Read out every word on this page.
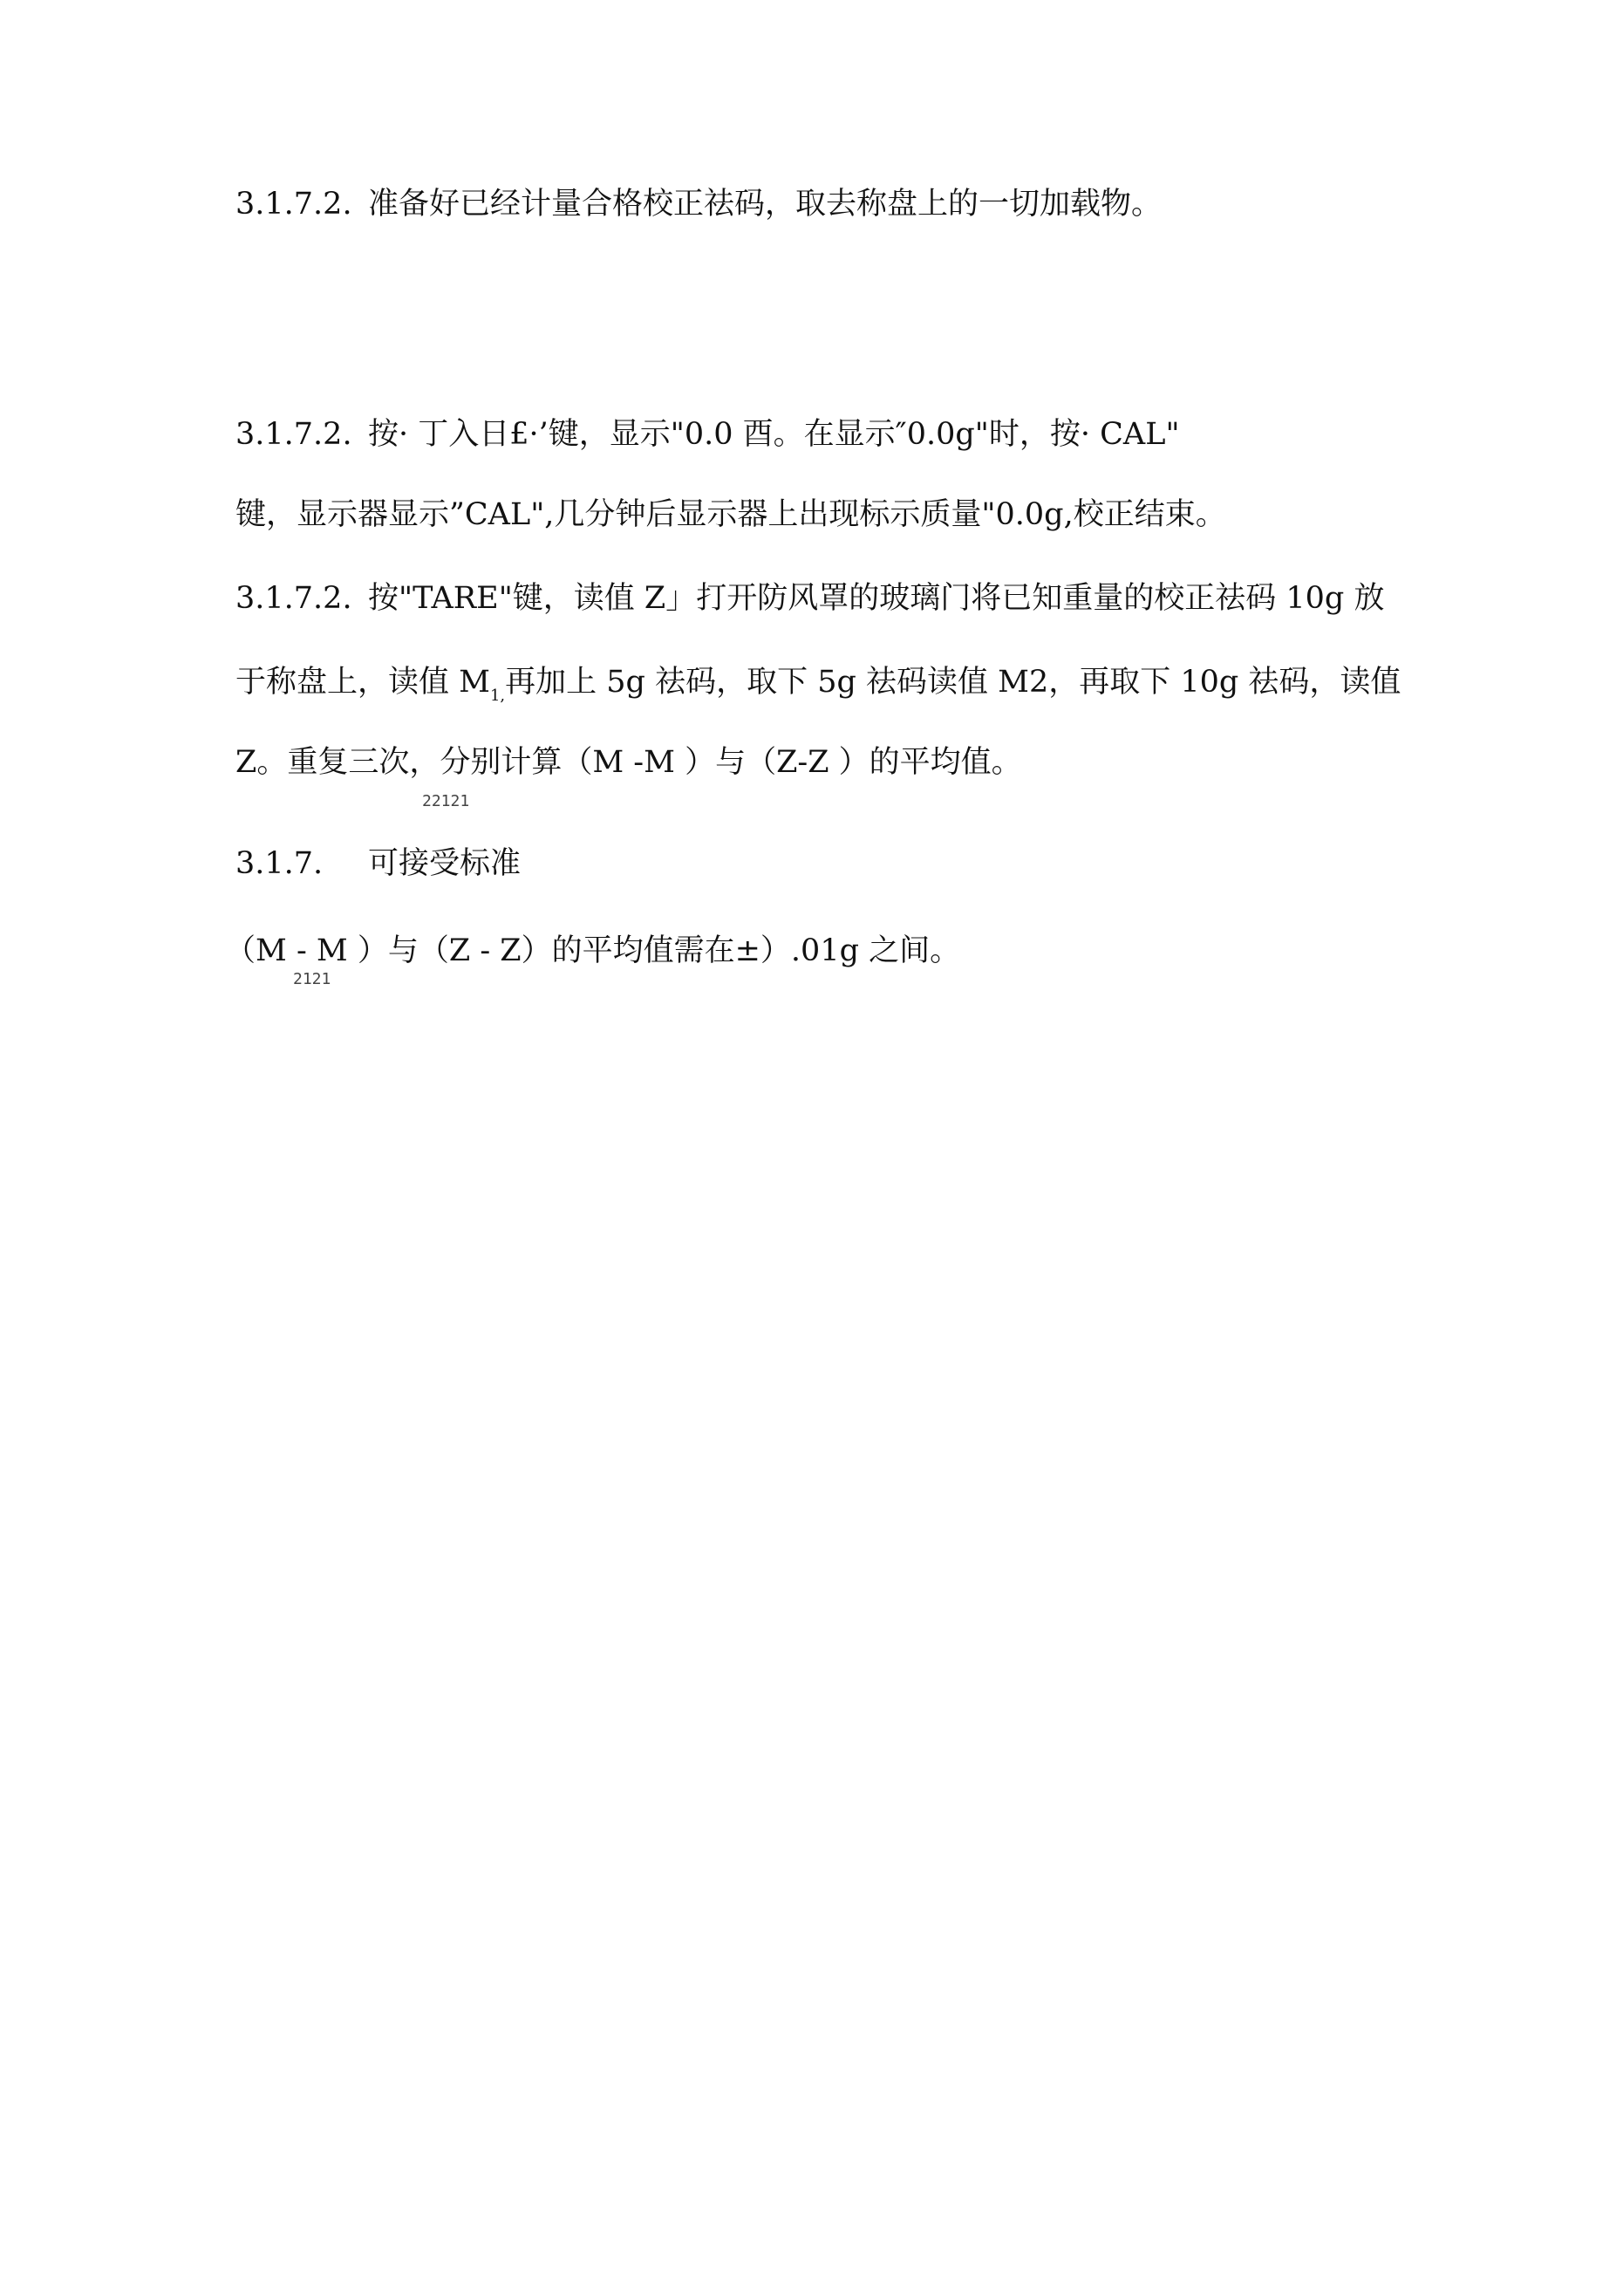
3.1.7.2. 准备好已经计量合格校正祛码，取去称盘上的一切加载物。
3.1.7.2. 按· 丁入日£·’键，显示"0.0 酉。在显示″0.0g"时，按· CAL"
键，显示器显示”CAL",几分钟后显示器上出现标示质量"0.0g,校正结束。
3.1.7.2. 按"TARE"键，读值 Z」打开防风罩的玻璃门将已知重量的校正祛码 10g 放
于称盘上，读值 $M_{1,}$再加上 5g 祛码，取下 5g 祛码读值 M2，再取下 10g 祛码，读值
Z。重复三次，分别计算（M -M ）与（Z-Z ）的平均值。
22121
3.1.7. 可接受标准
（M - M ）与（Z - Z）的平均值需在±）.01g 之间。
2121
